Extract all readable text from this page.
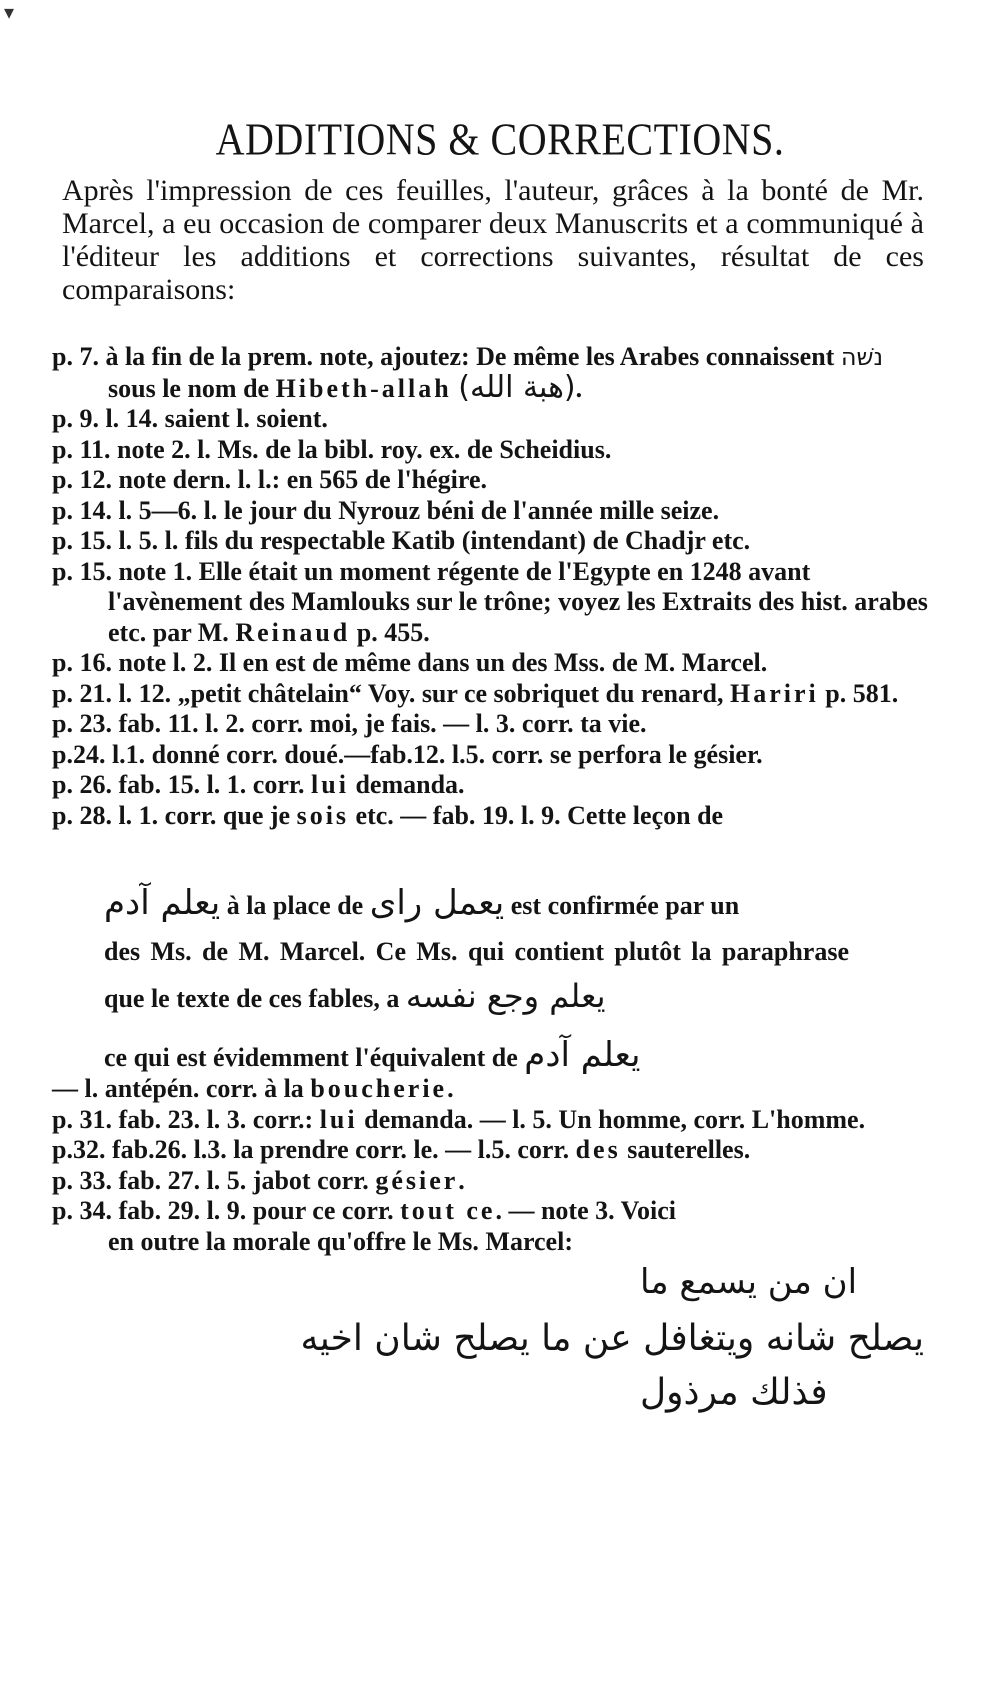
ADDITIONS & CORRECTIONS.

Après l'impression de ces feuilles, l'auteur, grâces à la bonté de Mr. Marcel, a eu occasion de comparer deux Manuscrits et a communiqué à l'éditeur les additions et corrections suivantes, résultat de ces comparaisons:

p. 7. à la fin de la prem. note, ajoutez: De même les Arabes connaissent נשׁה sous le nom de Hibeth-allah (هبة الله).

p. 9. l. 14. saient l. soient.

p. 11. note 2. l. Ms. de la bibl. roy. ex. de Scheidius.

p. 12. note dern. l. l.: en 565 de l'hégire.

p. 14. l. 5—6. l. le jour du Nyrouz béni de l'année mille seize.

p. 15. l. 5. l. fils du respectable Katib (intendant) de Chadjr etc.

p. 15. note 1. Elle était un moment régente de l'Egypte en 1248 avant l'avènement des Mamlouks sur le trône; voyez les Extraits des hist. arabes etc. par M. Reinaud p. 455.

p. 16. note l. 2. Il en est de même dans un des Mss. de M. Marcel.

p. 21. l. 12. „petit châtelain“ Voy. sur ce sobriquet du renard, Hariri p. 581.

p. 23. fab. 11. l. 2. corr. moi, je fais. — l. 3. corr. ta vie.

p.24. l.1. donné corr. doué.—fab.12. l.5. corr. se perfora le gésier.

p. 26. fab. 15. l. 1. corr. lui demanda.

p. 28. l. 1. corr. que je sois etc. — fab. 19. l. 9. Cette leçon de

يعلم آدم à la place de يعمل راى est confirmée par un
des Ms. de M. Marcel. Ce Ms. qui contient plutôt la paraphrase que le texte de ces fables, a يعلم وجع نفسه
ce qui est évidemment l'équivalent de يعلم آدم

— l. antépén. corr. à la boucherie.

p. 31. fab. 23. l. 3. corr.: lui demanda. — l. 5. Un homme, corr. L'homme.

p.32. fab.26. l.3. la prendre corr. le. — l.5. corr. des sauterelles.

p. 33. fab. 27. l. 5. jabot corr. gésier.

p. 34. fab. 29. l. 9. pour ce corr. tout ce. — note 3. Voici en outre la morale qu'offre le Ms. Marcel:

ان من يسمع ما
يصلح شانه ويتغافل عن ما يصلح شان اخيه
فذلك مرذول
▾
